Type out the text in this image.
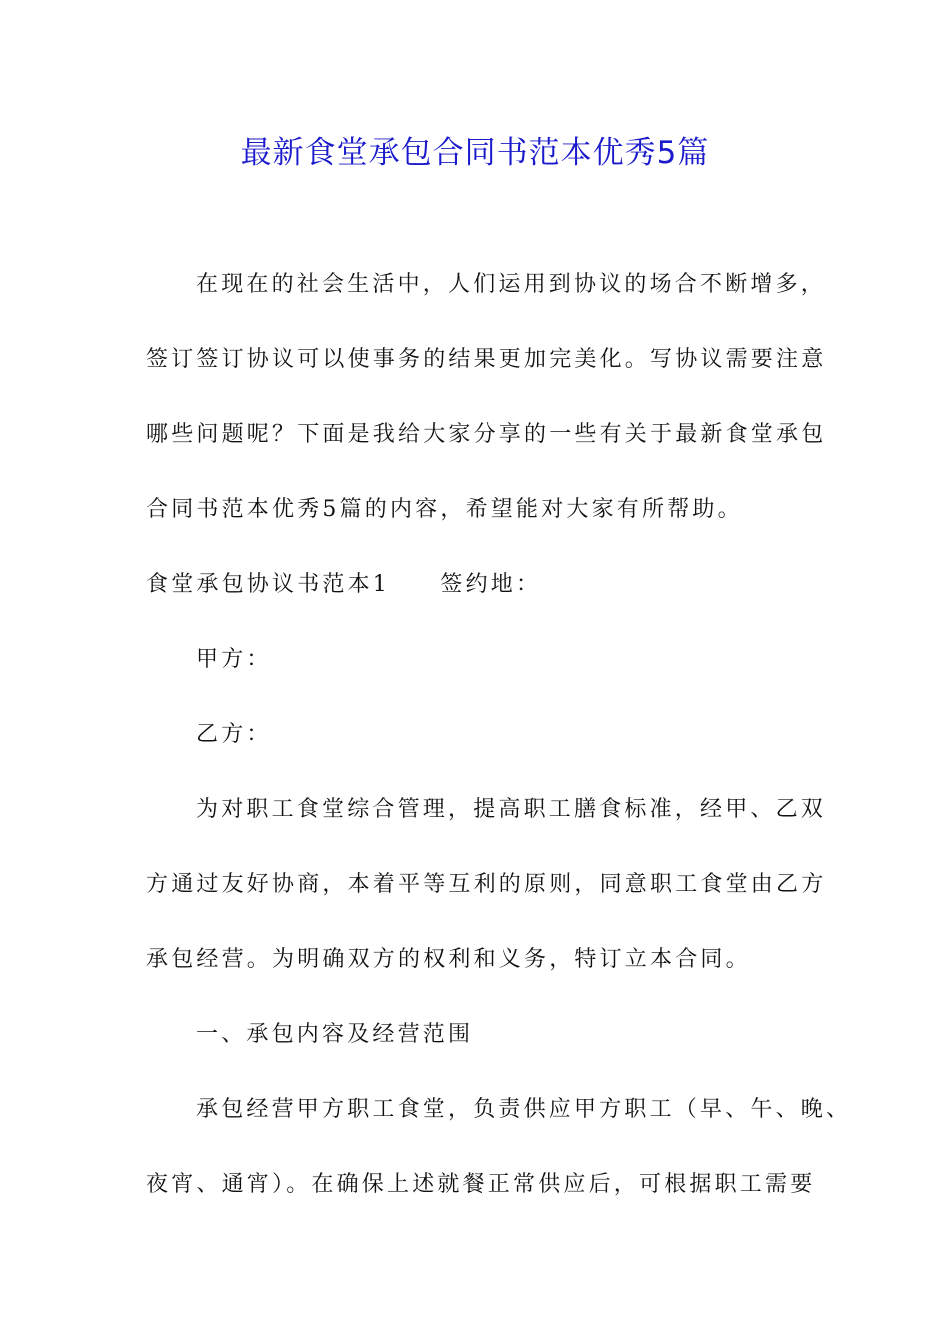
最新食堂承包合同书范本优秀5篇
在现在的社会生活中，人们运用到协议的场合不断增多，
签订签订协议可以使事务的结果更加完美化。写协议需要注意
哪些问题呢？下面是我给大家分享的一些有关于最新食堂承包
合同书范本优秀5篇的内容，希望能对大家有所帮助。
食堂承包协议书范本1　　签约地：
甲方：
乙方：
为对职工食堂综合管理，提高职工膳食标准，经甲、乙双
方通过友好协商，本着平等互利的原则，同意职工食堂由乙方
承包经营。为明确双方的权利和义务，特订立本合同。
一、承包内容及经营范围
承包经营甲方职工食堂，负责供应甲方职工（早、午、晚、
夜宵、通宵）。在确保上述就餐正常供应后，可根据职工需要
